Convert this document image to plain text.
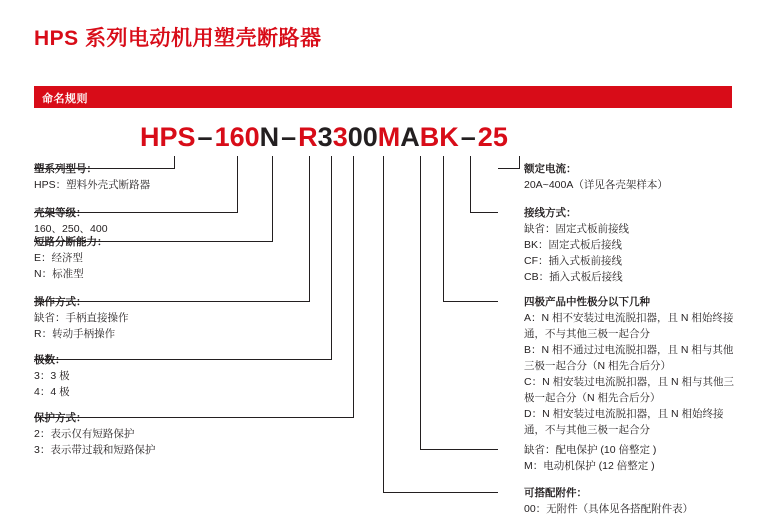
HPS 系列电动机用塑壳断路器
命名规则
HPS – 160 N – R 3 3 00 M A BK – 25
塑系列型号：
HPS：塑料外壳式断路器
壳架等级：
160、250、400
短路分断能力：
E：经济型
N：标准型
操作方式：
缺省：手柄直接操作
R：转动手柄操作
极数：
3：3 极
4：4 极
保护方式：
2：表示仅有短路保护
3：表示带过载和短路保护
额定电流：
20A~400A（详见各壳架样本）
接线方式：
缺省：固定式板前接线
BK：固定式板后接线
CF：插入式板前接线
CB：插入式板后接线
四极产品中性极分以下几种
A：N 相不安装过电流脱扣器，且 N 相始终接通，不与其他三极一起合分
B：N 相不通过过电流脱扣器，且 N 相与其他三极一起合分（N 相先合后分）
C：N 相安装过电流脱扣器，且 N 相与其他三极一起合分（N 相先合后分）
D：N 相安装过电流脱扣器，且 N 相始终接通，不与其他三极一起合分
缺省：配电保护 (10 倍整定 )
M：电动机保护 (12 倍整定 )
可搭配附件：
00：无附件（具体见各搭配附件表）
